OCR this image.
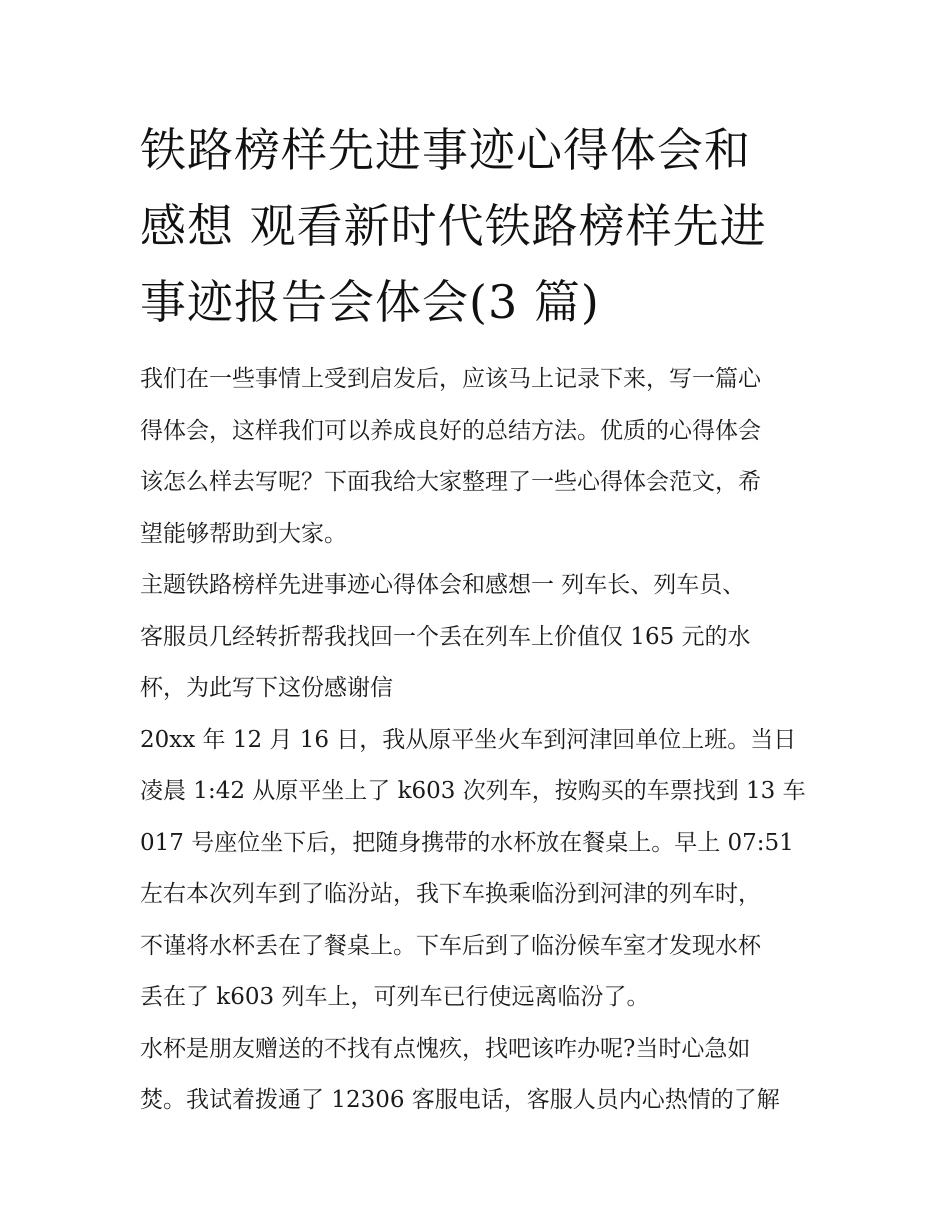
铁路榜样先进事迹心得体会和
感想 观看新时代铁路榜样先进
事迹报告会体会(3 篇)

我们在一些事情上受到启发后，应该马上记录下来，写一篇心
得体会，这样我们可以养成良好的总结方法。优质的心得体会
该怎么样去写呢？下面我给大家整理了一些心得体会范文，希
望能够帮助到大家。

主题铁路榜样先进事迹心得体会和感想一 列车长、列车员、
客服员几经转折帮我找回一个丢在列车上价值仅 165 元的水
杯，为此写下这份感谢信

20xx 年 12 月 16 日，我从原平坐火车到河津回单位上班。当日
凌晨 1:42 从原平坐上了 k603 次列车，按购买的车票找到 13 车
017 号座位坐下后，把随身携带的水杯放在餐桌上。早上 07:51
左右本次列车到了临汾站，我下车换乘临汾到河津的列车时，
不谨将水杯丢在了餐桌上。下车后到了临汾候车室才发现水杯
丢在了 k603 列车上，可列车已行使远离临汾了。

水杯是朋友赠送的不找有点愧疚，找吧该咋办呢?当时心急如
焚。我试着拨通了 12306 客服电话，客服人员内心热情的了解
